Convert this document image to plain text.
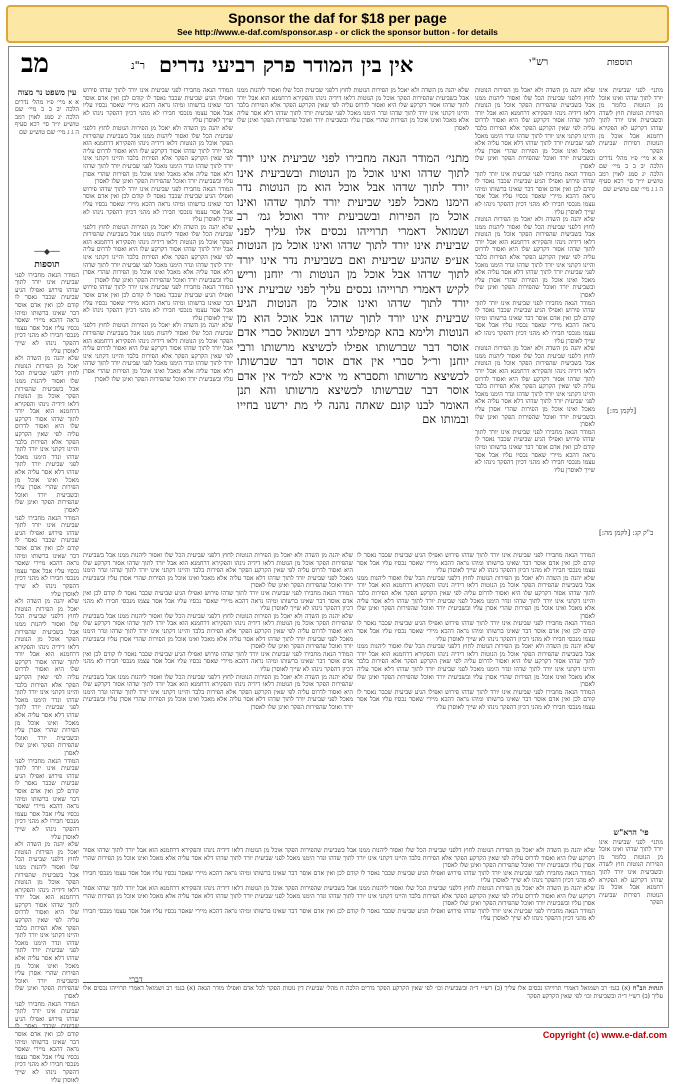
Sponsor the daf for $18 per page
See http://www.e-daf.com/sponsor.asp - or click the sponsor button - for details
מב	ר"נ אין בין המודר פרק רביעי נדרים	רש"י	תוספות
עין משפט נר מצוה
א א מיי׳ פ״ו מהל׳ נדרים הלכה יב ב ב מיי׳ שם הלכה יג סמג לאוין רמב טוש״ע יו״ד סי׳ רכא סעיף ה ג ג מיי׳ שם טוש״ע שם
──◆──
תוספות
המודר הנאה מחבירו לפני שביעית אינו יורד לתוך שדהו פירוש ואפילו הגיע שביעית שכבר נאסר לו קודם לכן ואין אדם אוסר דבר שאינו ברשותו ומיהו נראה דהכא מיירי שאסר נכסיו עליו אבל אסר עצמו מנכסי חבירו לא מהני דכיון דהפקר נינהו לא שייך לאוסרן עליו
שלא יהנה מן השדה ולא יאכל מן הפירות הנוטות לחוץ דלפני שביעית הכל שלו ואסור ליהנות ממנו אבל בשביעית שהפירות הפקר אוכל מן הנוטות דלאו דידיה נינהו והפקירא דרחמנא הוא אבל יורד לתוך שדהו אסור דקרקע שלו היא ואסור לדרוס עליה לפי שאין הקרקע הפקר אלא הפירות בלבד והיינו דקתני אינו יורד לתוך שדהו ונדר הימנו מאכל לפני שביעית יורד לתוך שדהו דלא אסר עליה אלא מאכל ואינו אוכל מן הפירות שהרי אסרן עליו ובשביעית יורד ואוכל שהפירות הפקר ואינן שלו לאסרן
המודר הנאה מחבירו לפני שביעית אינו יורד לתוך שדהו פירוש ואפילו הגיע שביעית שכבר נאסר לו קודם לכן ואין אדם אוסר דבר שאינו ברשותו ומיהו נראה דהכא מיירי שאסר נכסיו עליו אבל אסר עצמו מנכסי חבירו לא מהני דכיון דהפקר נינהו לא שייך לאוסרן עליו
שלא יהנה מן השדה ולא יאכל מן הפירות הנוטות לחוץ דלפני שביעית הכל שלו ואסור ליהנות ממנו אבל בשביעית שהפירות הפקר אוכל מן הנוטות דלאו דידיה נינהו והפקירא דרחמנא הוא אבל יורד לתוך שדהו אסור דקרקע שלו היא ואסור לדרוס עליה לפי שאין הקרקע הפקר אלא הפירות בלבד והיינו דקתני אינו יורד לתוך שדהו ונדר הימנו מאכל לפני שביעית יורד לתוך שדהו דלא אסר עליה אלא מאכל ואינו אוכל מן הפירות שהרי אסרן עליו ובשביעית יורד ואוכל שהפירות הפקר ואינן שלו לאסרן
המודר הנאה מחבירו לפני שביעית אינו יורד לתוך שדהו פירוש ואפילו הגיע שביעית שכבר נאסר לו קודם לכן ואין אדם אוסר דבר שאינו ברשותו ומיהו נראה דהכא מיירי שאסר נכסיו עליו אבל אסר עצמו מנכסי חבירו לא מהני דכיון דהפקר נינהו לא שייך לאוסרן עליו
שלא יהנה מן השדה ולא יאכל מן הפירות הנוטות לחוץ דלפני שביעית הכל שלו ואסור ליהנות ממנו אבל בשביעית שהפירות הפקר אוכל מן הנוטות דלאו דידיה נינהו והפקירא דרחמנא הוא אבל יורד לתוך שדהו אסור דקרקע שלו היא ואסור לדרוס עליה לפי שאין הקרקע הפקר אלא הפירות בלבד והיינו דקתני אינו יורד לתוך שדהו ונדר הימנו מאכל לפני שביעית יורד לתוך שדהו דלא אסר עליה אלא מאכל ואינו אוכל מן הפירות שהרי אסרן עליו ובשביעית יורד ואוכל שהפירות הפקר ואינן שלו לאסרן
המודר הנאה מחבירו לפני שביעית אינו יורד לתוך שדהו פירוש ואפילו הגיע שביעית שכבר נאסר לו קודם לכן ואין אדם אוסר דבר שאינו ברשותו ומיהו נראה דהכא מיירי שאסר נכסיו עליו אבל אסר עצמו מנכסי חבירו לא מהני דכיון דהפקר נינהו לא שייך לאוסרן עליו
המודר הנאה מחבירו לפני שביעית אינו יורד לתוך שדהו פירוש ואפילו הגיע שביעית שכבר נאסר לו קודם לכן ואין אדם אוסר דבר שאינו ברשותו ומיהו נראה דהכא מיירי שאסר נכסיו עליו אבל אסר עצמו מנכסי חבירו לא מהני דכיון דהפקר נינהו לא שייך לאוסרן עליו
שלא יהנה מן השדה ולא יאכל מן הפירות הנוטות לחוץ דלפני שביעית הכל שלו ואסור ליהנות ממנו אבל בשביעית שהפירות הפקר אוכל מן הנוטות דלאו דידיה נינהו והפקירא דרחמנא הוא אבל יורד לתוך שדהו אסור דקרקע שלו היא ואסור לדרוס עליה לפי שאין הקרקע הפקר אלא הפירות בלבד והיינו דקתני אינו יורד לתוך שדהו ונדר הימנו מאכל לפני שביעית יורד לתוך שדהו דלא אסר עליה אלא מאכל ואינו אוכל מן הפירות שהרי אסרן עליו ובשביעית יורד ואוכל שהפירות הפקר ואינן שלו לאסרן
המודר הנאה מחבירו לפני שביעית אינו יורד לתוך שדהו פירוש ואפילו הגיע שביעית שכבר נאסר לו קודם לכן ואין אדם אוסר דבר שאינו ברשותו ומיהו נראה דהכא מיירי שאסר נכסיו עליו אבל אסר עצמו מנכסי חבירו לא מהני דכיון דהפקר נינהו לא שייך לאוסרן עליו
שלא יהנה מן השדה ולא יאכל מן הפירות הנוטות לחוץ דלפני שביעית הכל שלו ואסור ליהנות ממנו אבל בשביעית שהפירות הפקר אוכל מן הנוטות דלאו דידיה נינהו והפקירא דרחמנא הוא אבל יורד לתוך שדהו אסור דקרקע שלו היא ואסור לדרוס עליה לפי שאין הקרקע הפקר אלא הפירות בלבד והיינו דקתני אינו יורד לתוך שדהו ונדר הימנו מאכל לפני שביעית יורד לתוך שדהו דלא אסר עליה אלא מאכל ואינו אוכל מן הפירות שהרי אסרן עליו ובשביעית יורד ואוכל שהפירות הפקר ואינן שלו לאסרן
המודר הנאה מחבירו לפני שביעית אינו יורד לתוך שדהו פירוש ואפילו הגיע שביעית שכבר נאסר לו קודם לכן ואין אדם אוסר דבר שאינו ברשותו ומיהו נראה דהכא מיירי שאסר נכסיו עליו אבל אסר עצמו מנכסי חבירו לא מהני דכיון דהפקר נינהו לא שייך לאוסרן עליו
שלא יהנה מן השדה ולא יאכל מן הפירות הנוטות לחוץ דלפני שביעית הכל שלו ואסור ליהנות ממנו אבל בשביעית שהפירות הפקר אוכל מן הנוטות דלאו דידיה נינהו והפקירא דרחמנא הוא אבל יורד לתוך שדהו אסור דקרקע שלו היא ואסור לדרוס עליה לפי שאין הקרקע הפקר אלא הפירות בלבד והיינו דקתני אינו יורד לתוך שדהו ונדר הימנו מאכל לפני שביעית יורד לתוך שדהו דלא אסר עליה אלא מאכל ואינו אוכל מן הפירות שהרי אסרן עליו ובשביעית יורד ואוכל שהפירות הפקר ואינן שלו לאסרן
מתני׳ המודר הנאה מחבירו לפני שביעית אינו יורד לתוך שדהו ואינו אוכל מן הנוטות ובשביעית אינו יורד לתוך שדהו אבל אוכל הוא מן הנוטות נדר הימנו מאכל לפני שביעית יורד לתוך שדהו ואינו אוכל מן הפירות ובשביעית יורד ואוכל׃ גמ׳ רב ושמואל דאמרי תרוייהו נכסים אלו עליך לפני שביעית אינו יורד לתוך שדהו ואינו אוכל מן הנוטות אע״פ שהגיע שביעית ואם בשביעית נדר אינו יורד לתוך שדהו אבל אוכל מן הנוטות ור׳ יוחנן וריש לקיש דאמרי תרוייהו נכסים עליך לפני שביעית אינו יורד לתוך שדהו ואינו אוכל מן הנוטות הגיע שביעית אינו יורד לתוך שדהו אבל אוכל הוא מן הנוטות ולימא בהא קמיפלגי דרב ושמואל סברי אדם אוסר דבר שברשותו אפילו לכשיצא מרשותו ורבי יוחנן ור״ל סברי אין אדם אוסר דבר שברשותו לכשיצא מרשותו ותסברא מי איכא למ״ד אין אדם אוסר דבר שברשותו לכשיצא מרשותו והא תנן האומר לבנו קונם שאתה נהנה לי מת ירשנו בחייו ובמותו אם
שלא יהנה מן השדה ולא יאכל מן הפירות הנוטות לחוץ דלפני שביעית הכל שלו ואסור ליהנות ממנו אבל בשביעית שהפירות הפקר אוכל מן הנוטות דלאו דידיה נינהו והפקירא דרחמנא הוא אבל יורד לתוך שדהו אסור דקרקע שלו היא ואסור לדרוס עליה לפי שאין הקרקע הפקר אלא הפירות בלבד והיינו דקתני אינו יורד לתוך שדהו ונדר הימנו מאכל לפני שביעית יורד לתוך שדהו דלא אסר עליה אלא מאכל ואינו אוכל מן הפירות שהרי אסרן עליו ובשביעית יורד ואוכל שהפירות הפקר ואינן שלו לאסרן
שלא יהנה מן השדה ולא יאכל מן הפירות הנוטות לחוץ דלפני שביעית הכל שלו ואסור ליהנות ממנו אבל בשביעית שהפירות הפקר אוכל מן הנוטות דלאו דידיה נינהו והפקירא דרחמנא הוא אבל יורד לתוך שדהו אסור דקרקע שלו היא ואסור לדרוס עליה לפי שאין הקרקע הפקר אלא הפירות בלבד והיינו דקתני אינו יורד לתוך שדהו ונדר הימנו מאכל לפני שביעית יורד לתוך שדהו דלא אסר עליה אלא מאכל ואינו אוכל מן הפירות שהרי אסרן עליו ובשביעית יורד ואוכל שהפירות הפקר ואינן שלו לאסרן
המודר הנאה מחבירו לפני שביעית אינו יורד לתוך שדהו פירוש ואפילו הגיע שביעית שכבר נאסר לו קודם לכן ואין אדם אוסר דבר שאינו ברשותו ומיהו נראה דהכא מיירי שאסר נכסיו עליו אבל אסר עצמו מנכסי חבירו לא מהני דכיון דהפקר נינהו לא שייך לאוסרן עליו
שלא יהנה מן השדה ולא יאכל מן הפירות הנוטות לחוץ דלפני שביעית הכל שלו ואסור ליהנות ממנו אבל בשביעית שהפירות הפקר אוכל מן הנוטות דלאו דידיה נינהו והפקירא דרחמנא הוא אבל יורד לתוך שדהו אסור דקרקע שלו היא ואסור לדרוס עליה לפי שאין הקרקע הפקר אלא הפירות בלבד והיינו דקתני אינו יורד לתוך שדהו ונדר הימנו מאכל לפני שביעית יורד לתוך שדהו דלא אסר עליה אלא מאכל ואינו אוכל מן הפירות שהרי אסרן עליו ובשביעית יורד ואוכל שהפירות הפקר ואינן שלו לאסרן
המודר הנאה מחבירו לפני שביעית אינו יורד לתוך שדהו פירוש ואפילו הגיע שביעית שכבר נאסר לו קודם לכן ואין אדם אוסר דבר שאינו ברשותו ומיהו נראה דהכא מיירי שאסר נכסיו עליו אבל אסר עצמו מנכסי חבירו לא מהני דכיון דהפקר נינהו לא שייך לאוסרן עליו
שלא יהנה מן השדה ולא יאכל מן הפירות הנוטות לחוץ דלפני שביעית הכל שלו ואסור ליהנות ממנו אבל בשביעית שהפירות הפקר אוכל מן הנוטות דלאו דידיה נינהו והפקירא דרחמנא הוא אבל יורד לתוך שדהו אסור דקרקע שלו היא ואסור לדרוס עליה לפי שאין הקרקע הפקר אלא הפירות בלבד והיינו דקתני אינו יורד לתוך שדהו ונדר הימנו מאכל לפני שביעית יורד לתוך שדהו דלא אסר עליה אלא מאכל ואינו אוכל מן הפירות שהרי אסרן עליו ובשביעית יורד ואוכל שהפירות הפקר ואינן שלו לאסרן
המודר הנאה מחבירו לפני שביעית אינו יורד לתוך שדהו פירוש ואפילו הגיע שביעית שכבר נאסר לו קודם לכן ואין אדם אוסר דבר שאינו ברשותו ומיהו נראה דהכא מיירי שאסר נכסיו עליו אבל אסר עצמו מנכסי חבירו לא מהני דכיון דהפקר נינהו לא שייך לאוסרן עליו
[לקמן מז:]
ב"ק קג: [לקמן מה:]
מתני׳ לפני שביעית אינו יורד לתוך שדהו ואינו אוכל מן הנוטות כלומר מן הפירות הנוטות חוץ לשדה ובשביעית אינו יורד לתוך שדהו דקרקע לא הפקירא רחמנא אבל אוכל מן הנוטות דפירות שביעית הפקר
א א מיי׳ פ״ו מהל׳ נדרים הלכה יב ב ב מיי׳ שם הלכה יג סמג לאוין רמב טוש״ע יו״ד סי׳ רכא סעיף ה ג ג מיי׳ שם טוש״ע שם
שלא יהנה מן השדה ולא יאכל מן הפירות הנוטות לחוץ דלפני שביעית הכל שלו ואסור ליהנות ממנו אבל בשביעית שהפירות הפקר אוכל מן הנוטות דלאו דידיה נינהו והפקירא דרחמנא הוא אבל יורד לתוך שדהו אסור דקרקע שלו היא ואסור לדרוס עליה לפי שאין הקרקע הפקר אלא הפירות בלבד והיינו דקתני אינו יורד לתוך שדהו ונדר הימנו מאכל לפני שביעית יורד לתוך שדהו דלא אסר עליה אלא מאכל ואינו אוכל מן הפירות שהרי אסרן עליו ובשביעית יורד ואוכל שהפירות הפקר ואינן שלו לאסרן
המודר הנאה מחבירו לפני שביעית אינו יורד לתוך שדהו פירוש ואפילו הגיע שביעית שכבר נאסר לו קודם לכן ואין אדם אוסר דבר שאינו ברשותו ומיהו נראה דהכא מיירי שאסר נכסיו עליו אבל אסר עצמו מנכסי חבירו לא מהני דכיון דהפקר נינהו לא שייך לאוסרן עליו
שלא יהנה מן השדה ולא יאכל מן הפירות הנוטות לחוץ דלפני שביעית הכל שלו ואסור ליהנות ממנו אבל בשביעית שהפירות הפקר אוכל מן הנוטות דלאו דידיה נינהו והפקירא דרחמנא הוא אבל יורד לתוך שדהו אסור דקרקע שלו היא ואסור לדרוס עליה לפי שאין הקרקע הפקר אלא הפירות בלבד והיינו דקתני אינו יורד לתוך שדהו ונדר הימנו מאכל לפני שביעית יורד לתוך שדהו דלא אסר עליה אלא מאכל ואינו אוכל מן הפירות שהרי אסרן עליו ובשביעית יורד ואוכל שהפירות הפקר ואינן שלו לאסרן
המודר הנאה מחבירו לפני שביעית אינו יורד לתוך שדהו פירוש ואפילו הגיע שביעית שכבר נאסר לו קודם לכן ואין אדם אוסר דבר שאינו ברשותו ומיהו נראה דהכא מיירי שאסר נכסיו עליו אבל אסר עצמו מנכסי חבירו לא מהני דכיון דהפקר נינהו לא שייך לאוסרן עליו
שלא יהנה מן השדה ולא יאכל מן הפירות הנוטות לחוץ דלפני שביעית הכל שלו ואסור ליהנות ממנו אבל בשביעית שהפירות הפקר אוכל מן הנוטות דלאו דידיה נינהו והפקירא דרחמנא הוא אבל יורד לתוך שדהו אסור דקרקע שלו היא ואסור לדרוס עליה לפי שאין הקרקע הפקר אלא הפירות בלבד והיינו דקתני אינו יורד לתוך שדהו ונדר הימנו מאכל לפני שביעית יורד לתוך שדהו דלא אסר עליה אלא מאכל ואינו אוכל מן הפירות שהרי אסרן עליו ובשביעית יורד ואוכל שהפירות הפקר ואינן שלו לאסרן
המודר הנאה מחבירו לפני שביעית אינו יורד לתוך שדהו פירוש ואפילו הגיע שביעית שכבר נאסר לו קודם לכן ואין אדם אוסר דבר שאינו ברשותו ומיהו נראה דהכא מיירי שאסר נכסיו עליו אבל אסר עצמו מנכסי חבירו לא מהני דכיון דהפקר נינהו לא שייך לאוסרן עליו
שלא יהנה מן השדה ולא יאכל מן הפירות הנוטות לחוץ דלפני שביעית הכל שלו ואסור ליהנות ממנו אבל בשביעית שהפירות הפקר אוכל מן הנוטות דלאו דידיה נינהו והפקירא דרחמנא הוא אבל יורד לתוך שדהו אסור דקרקע שלו היא ואסור לדרוס עליה לפי שאין הקרקע הפקר אלא הפירות בלבד והיינו דקתני אינו יורד לתוך שדהו ונדר הימנו מאכל לפני שביעית יורד לתוך שדהו דלא אסר עליה אלא מאכל ואינו אוכל מן הפירות שהרי אסרן עליו ובשביעית יורד ואוכל שהפירות הפקר ואינן שלו לאסרן
המודר הנאה מחבירו לפני שביעית אינו יורד לתוך שדהו פירוש ואפילו הגיע שביעית שכבר נאסר לו קודם לכן ואין אדם אוסר דבר שאינו ברשותו ומיהו נראה דהכא מיירי שאסר נכסיו עליו אבל אסר עצמו מנכסי חבירו לא מהני דכיון דהפקר נינהו לא שייך לאוסרן עליו
שלא יהנה מן השדה ולא יאכל מן הפירות הנוטות לחוץ דלפני שביעית הכל שלו ואסור ליהנות ממנו אבל בשביעית שהפירות הפקר אוכל מן הנוטות דלאו דידיה נינהו והפקירא דרחמנא הוא אבל יורד לתוך שדהו אסור דקרקע שלו היא ואסור לדרוס עליה לפי שאין הקרקע הפקר אלא הפירות בלבד והיינו דקתני אינו יורד לתוך שדהו ונדר הימנו מאכל לפני שביעית יורד לתוך שדהו דלא אסר עליה אלא מאכל ואינו אוכל מן הפירות שהרי אסרן עליו ובשביעית יורד ואוכל שהפירות הפקר ואינן שלו לאסרן
המודר הנאה מחבירו לפני שביעית אינו יורד לתוך שדהו פירוש ואפילו הגיע שביעית שכבר נאסר לו קודם לכן ואין אדם אוסר דבר שאינו ברשותו ומיהו נראה דהכא מיירי שאסר נכסיו עליו אבל אסר עצמו מנכסי חבירו לא מהני דכיון דהפקר נינהו לא שייך לאוסרן עליו
פי' הרא"ש
מתני׳ לפני שביעית אינו יורד לתוך שדהו ואינו אוכל מן הנוטות כלומר מן הפירות הנוטות חוץ לשדה ובשביעית אינו יורד לתוך שדהו דקרקע לא הפקירא רחמנא אבל אוכל מן הנוטות דפירות שביעית הפקר
שלא יהנה מן השדה ולא יאכל מן הפירות הנוטות לחוץ דלפני שביעית הכל שלו ואסור ליהנות ממנו אבל בשביעית שהפירות הפקר אוכל מן הנוטות דלאו דידיה נינהו והפקירא דרחמנא הוא אבל יורד לתוך שדהו אסור דקרקע שלו היא ואסור לדרוס עליה לפי שאין הקרקע הפקר אלא הפירות בלבד והיינו דקתני אינו יורד לתוך שדהו ונדר הימנו מאכל לפני שביעית יורד לתוך שדהו דלא אסר עליה אלא מאכל ואינו אוכל מן הפירות שהרי אסרן עליו ובשביעית יורד ואוכל שהפירות הפקר ואינן שלו לאסרן
המודר הנאה מחבירו לפני שביעית אינו יורד לתוך שדהו פירוש ואפילו הגיע שביעית שכבר נאסר לו קודם לכן ואין אדם אוסר דבר שאינו ברשותו ומיהו נראה דהכא מיירי שאסר נכסיו עליו אבל אסר עצמו מנכסי חבירו לא מהני דכיון דהפקר נינהו לא שייך לאוסרן עליו
שלא יהנה מן השדה ולא יאכל מן הפירות הנוטות לחוץ דלפני שביעית הכל שלו ואסור ליהנות ממנו אבל בשביעית שהפירות הפקר אוכל מן הנוטות דלאו דידיה נינהו והפקירא דרחמנא הוא אבל יורד לתוך שדהו אסור דקרקע שלו היא ואסור לדרוס עליה לפי שאין הקרקע הפקר אלא הפירות בלבד והיינו דקתני אינו יורד לתוך שדהו ונדר הימנו מאכל לפני שביעית יורד לתוך שדהו דלא אסר עליה אלא מאכל ואינו אוכל מן הפירות שהרי אסרן עליו ובשביעית יורד ואוכל שהפירות הפקר ואינן שלו לאסרן
המודר הנאה מחבירו לפני שביעית אינו יורד לתוך שדהו פירוש ואפילו הגיע שביעית שכבר נאסר לו קודם לכן ואין אדם אוסר דבר שאינו ברשותו ומיהו נראה דהכא מיירי שאסר נכסיו עליו אבל אסר עצמו מנכסי חבירו לא מהני דכיון דהפקר נינהו לא שייך לאוסרן עליו
דברי
הגהות הב"ח (א) בגמ׳ רב ושמואל דאמרי תרוייהו נכסים אלו עליך (ב) רש״י ד״ה ובשביעית וכו׳ לפי שאין הקרקע הפקר נדרים הלכה ח מהל׳ שביעית דין נוטות הפקר לכל אדם ואפילו מודר הנאה (א) בגמ׳ רב ושמואל דאמרי תרוייהו נכסים אלו עליך (ב) רש״י ד״ה ובשביעית וכו׳ לפי שאין הקרקע הפקר
Copyright (c) www.e-daf.com
